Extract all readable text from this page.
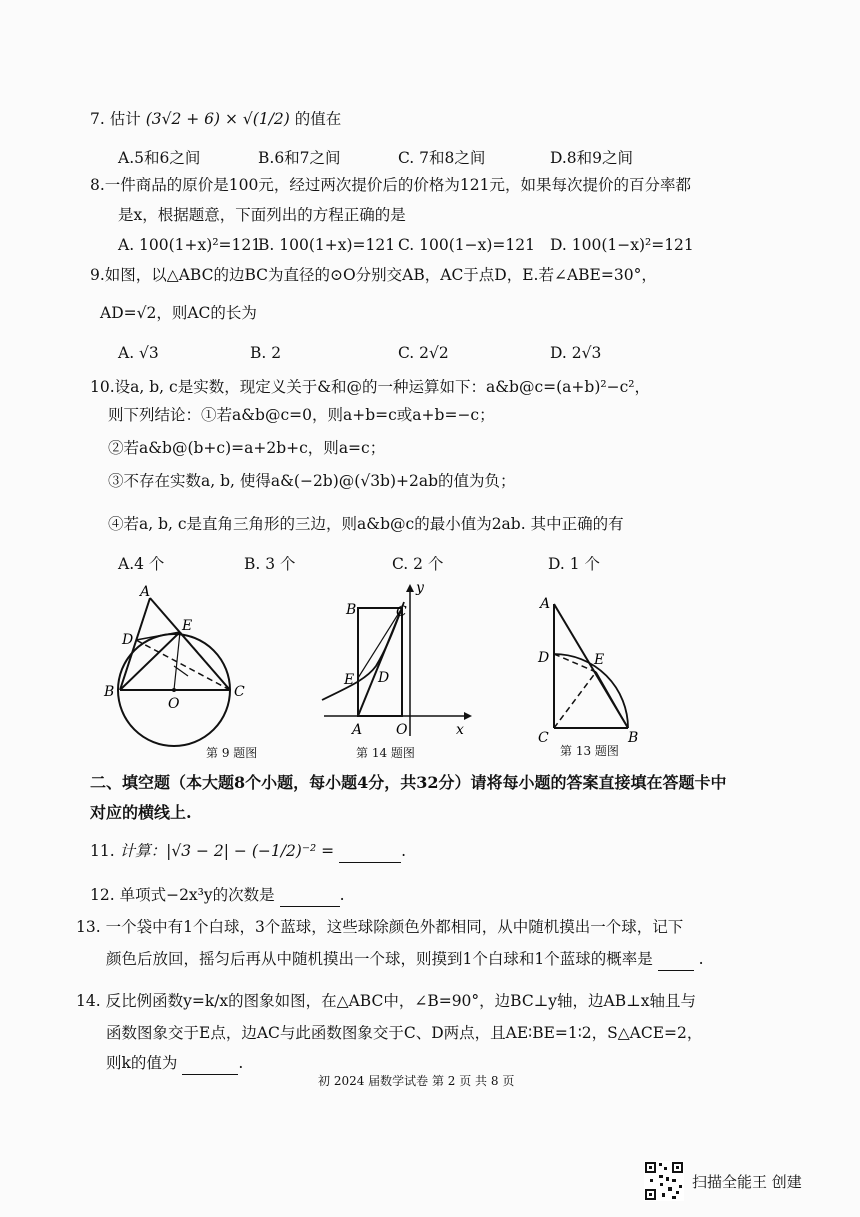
7. 估计 (3√2 + 6) × √(1/2) 的值在
A.5和6之间	B.6和7之间	C. 7和8之间	D.8和9之间
8.一件商品的原价是100元，经过两次提价后的价格为121元，如果每次提价的百分率都
是x，根据题意，下面列出的方程正确的是
A. 100(1+x)²=121
B. 100(1+x)=121 C. 100(1−x)=121 D. 100(1−x)²=121
9.如图，以△ABC的边BC为直径的⊙O分别交AB，AC于点D，E.若∠ABE=30°，
AD=√2，则AC的长为
A. √3	B. 2	C. 2√2	D. 2√3
10.设a, b, c是实数，现定义关于&和@的一种运算如下：a&b@c=(a+b)²−c²，
则下列结论：①若a&b@c=0，则a+b=c或a+b=−c；
②若a&b@(b+c)=a+2b+c，则a=c；
③不存在实数a, b, 使得a&(−2b)@(√3b)+2ab的值为负；
④若a, b, c是直角三角形的三边，则a&b@c的最小值为2ab. 其中正确的有
A.4 个	B. 3 个	C. 2 个	D. 1 个
A
D
E
B	C
O
第 9 题图
B	C
y
E D
A O	x
第 14 题图
A
D	E
C	B
第 13 题图
二、填空题（本大题8个小题，每小题4分，共32分）请将每小题的答案直接填在答题卡中
对应的横线上.
11. 计算：|√3 − 2| − (−1/2)⁻² =	.
12. 单项式−2x³y的次数是	.
13. 一个袋中有1个白球，3个蓝球，这些球除颜色外都相同，从中随机摸出一个球，记下
颜色后放回，摇匀后再从中随机摸出一个球，则摸到1个白球和1个蓝球的概率是	.
14. 反比例函数y=k/x的图象如图，在△ABC中，∠B=90°，边BC⊥y轴，边AB⊥x轴且与
函数图象交于E点，边AC与此函数图象交于C、D两点，且AE∶BE=1∶2，S△ACE=2，
则k的值为	.
初 2024 届数学试卷 第 2 页 共 8 页
扫描全能王 创建
